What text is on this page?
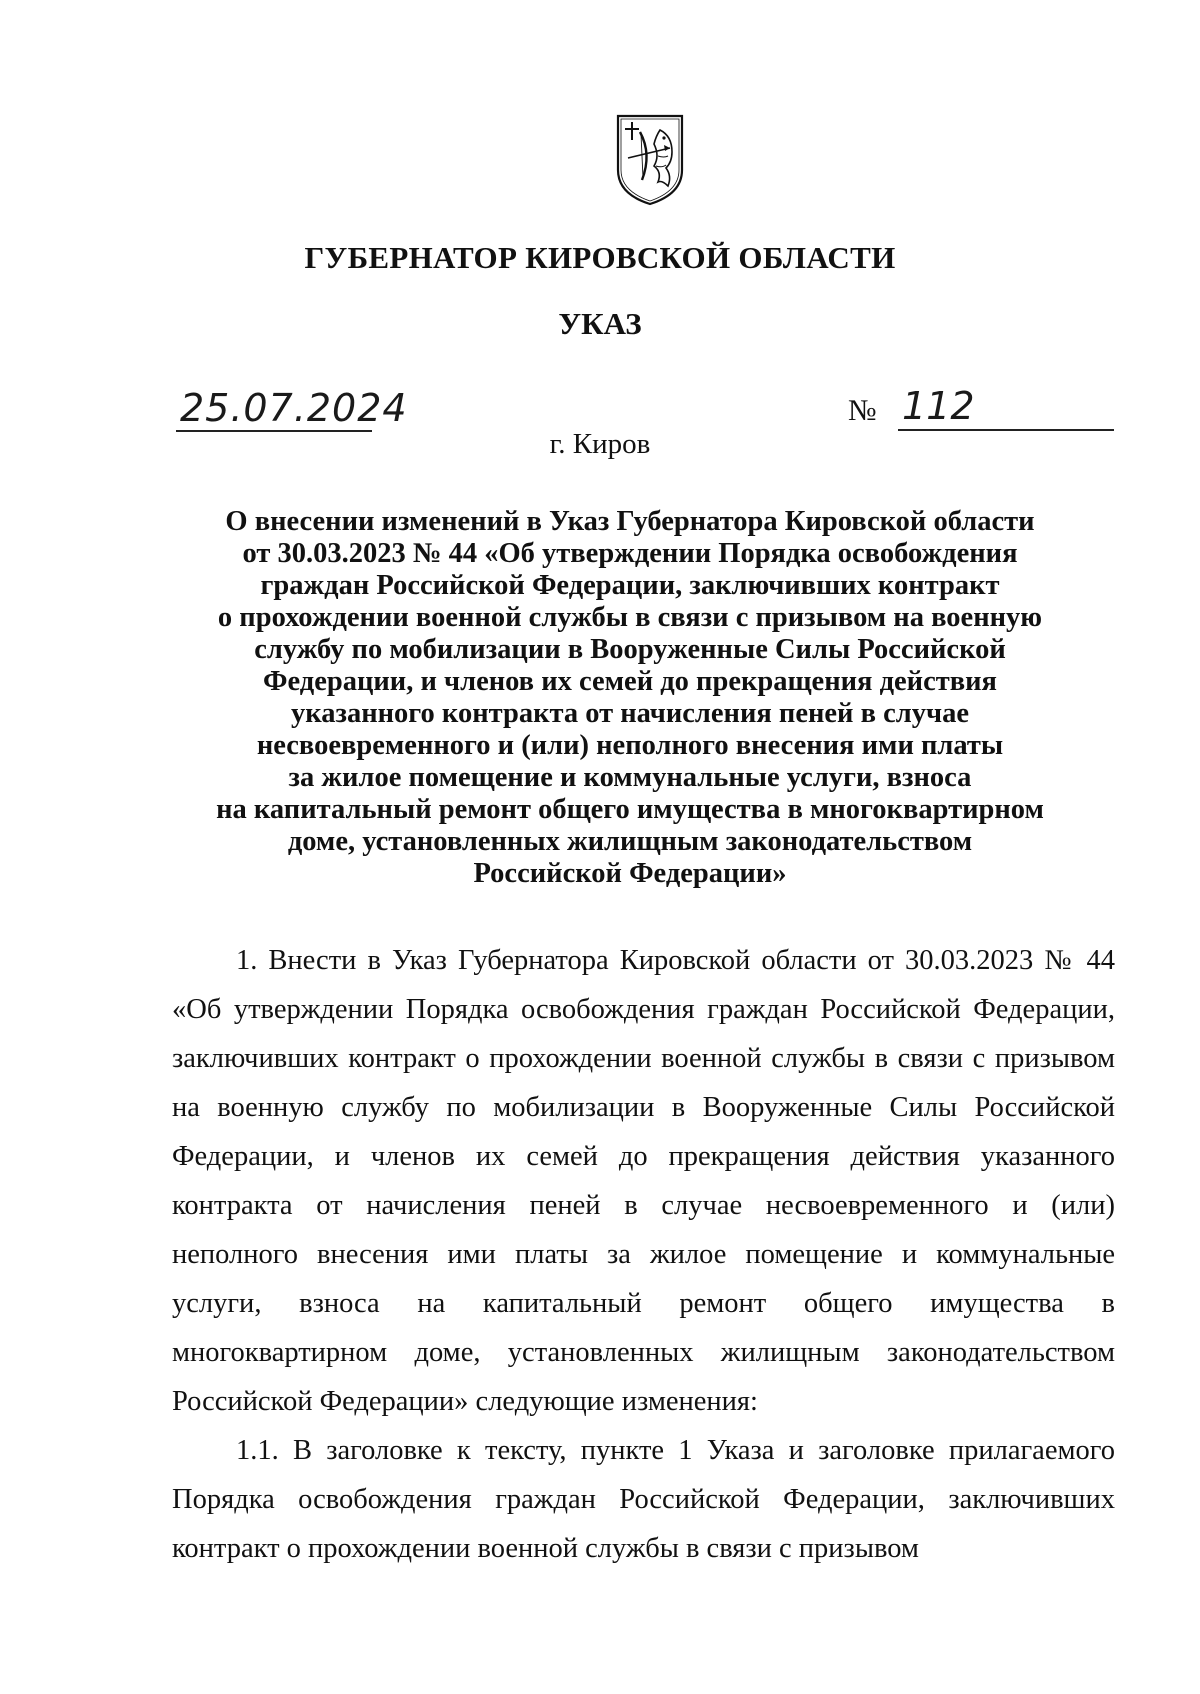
ГУБЕРНАТОР КИРОВСКОЙ ОБЛАСТИ
УКАЗ
25.07.2024	№ 112
г. Киров
О внесении изменений в Указ Губернатора Кировской области
от 30.03.2023 № 44 «Об утверждении Порядка освобождения
граждан Российской Федерации, заключивших контракт
о прохождении военной службы в связи с призывом на военную
службу по мобилизации в Вооруженные Силы Российской
Федерации, и членов их семей до прекращения действия
указанного контракта от начисления пеней в случае
несвоевременного и (или) неполного внесения ими платы
за жилое помещение и коммунальные услуги, взноса
на капитальный ремонт общего имущества в многоквартирном
доме, установленных жилищным законодательством
Российской Федерации»

1. Внести в Указ Губернатора Кировской области от 30.03.2023 № 44 «Об утверждении Порядка освобождения граждан Российской Федерации, заключивших контракт о прохождении военной службы в связи с призывом на военную службу по мобилизации в Вооруженные Силы Российской Федерации, и членов их семей до прекращения действия указанного контракта от начисления пеней в случае несвоевременного и (или) неполного внесения ими платы за жилое помещение и коммунальные услуги, взноса на капитальный ремонт общего имущества в многоквартирном доме, установленных жилищным законодательством Российской Федерации» следующие изменения:

1.1. В заголовке к тексту, пункте 1 Указа и заголовке прилагаемого Порядка освобождения граждан Российской Федерации, заключивших контракт о прохождении военной службы в связи с призывом
